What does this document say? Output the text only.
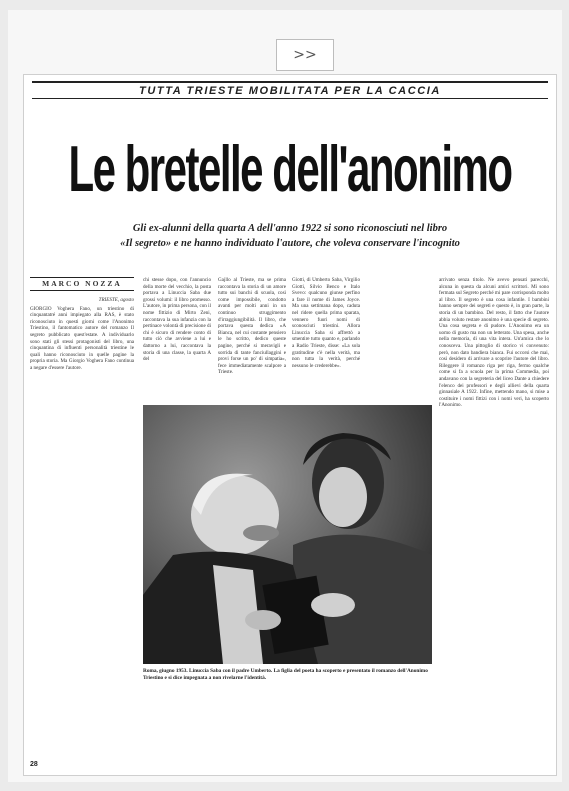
>>
TUTTA TRIESTE MOBILITATA PER LA CACCIA
Le bretelle dell'anonimo
Gli ex-alunni della quarta A dell'anno 1922 si sono riconosciuti nel libro
«Il segreto» e ne hanno individuato l'autore, che voleva conservare l'incognito
MARCO NOZZA
TRIESTE, agosto
GIORGIO Voghera Fano, un triestino di cinquantatré anni impiegato alla RAS, è stato riconosciuto in questi giorni come l'Anonimo Triestino, il fantomatico autore del romanzo Il segreto pubblicato quest'estate. A individuarlo sono stati gli stessi protagonisti del libro, una cinquantina di influenti personalità triestine le quali hanno riconosciuto in quelle pagine la propria storia. Ma Giorgio Voghera Fano continua a negare d'essere l'autore.
chi stesse dopo, con l'annuncio della morte del vecchio, la posta portava a Linuccia Saba due grossi volumi: il libro promesso. L'autore, in prima persona, con il nome fittizio di Mirto Zeni, raccontava la sua infanzia con la pertinace volontà di precisione di chi è sicuro di rendere conto di tutto ciò che avviene a lui e dattorno a lui, raccontava la storia di una classe, la quarta A del
Gajllo al Trieste, ma se prima raccontava la storia di un amore tutto sui banchi di scuola, così come impossibile, condotto avanti per molti anni in un continuo struggimento d'irraggiungibilità. Il libro, che portava questa dedica «A Bianca, nel cui costante pensiero le ho scritto, dedico queste pagine, perché si meravigli e sorrida di tante fanciullaggini e provi forse un po' di simpatia», fece immediatamente scalpore a Trieste.
Giotti, di Umberto Saba, Virgilio Giotti, Silvio Benco e Italo Svevo: qualcuno giunse perfino a fare il nome di James Joyce. Ma una settimana dopo, caduta nel ridere quella prima sparata, vennero fuori nomi di sconosciuti triestini. Allora Linuccia Saba si affrettò a smentire tutto quanto e, parlando a Radio Trieste, disse: «La sola gratitudine c'è nella verità, ma non tutta la verità, perché nessuno le crederebbe».
arrivato senza titolo. Ne avevo pensati parecchi, alcuna in questa da alcuni amici scrittori. Mi sono fermata sul Segreto perché mi pare corrisponda molto al libro. Il segreto è una cosa infantile. I bambini hanno sempre dei segreti e questo è, in gran parte, la storia di un bambino. Del resto, il fatto che l'autore abbia voluto restare anonimo è una specie di segreto. Una cosa segreta e di pudore. L'Anonimo era un uomo di gusto ma non un letterato. Una spesa, anche nella memoria, di una vita intera. Un'amica che lo conosceva. Una pittoglio di storico vi convenuto: però, non dato bandiera bianca. Fui occorsi che mai, così desidero di arrivare a scoprire l'autore del libro. Rileggere il romanzo riga per riga, fermo qualche come si fa a scuola per la prima Commedia, poi andavano con la segreteria del liceo Dante a chiedere l'elenco dei professori e degli allievi della quarta ginnasiale A 1922. Infine, mettendo mano, si mise a costituire i nomi fittizi con i nomi veri, ha scoperto l'Anonimo.
Roma, giugno 1953. Linuccia Saba con il padre Umberto. La figlia del poeta ha scoperto e presentato il romanzo dell'Anonimo Triestino e si dice impegnata a non rivelarne l'identità.
28
